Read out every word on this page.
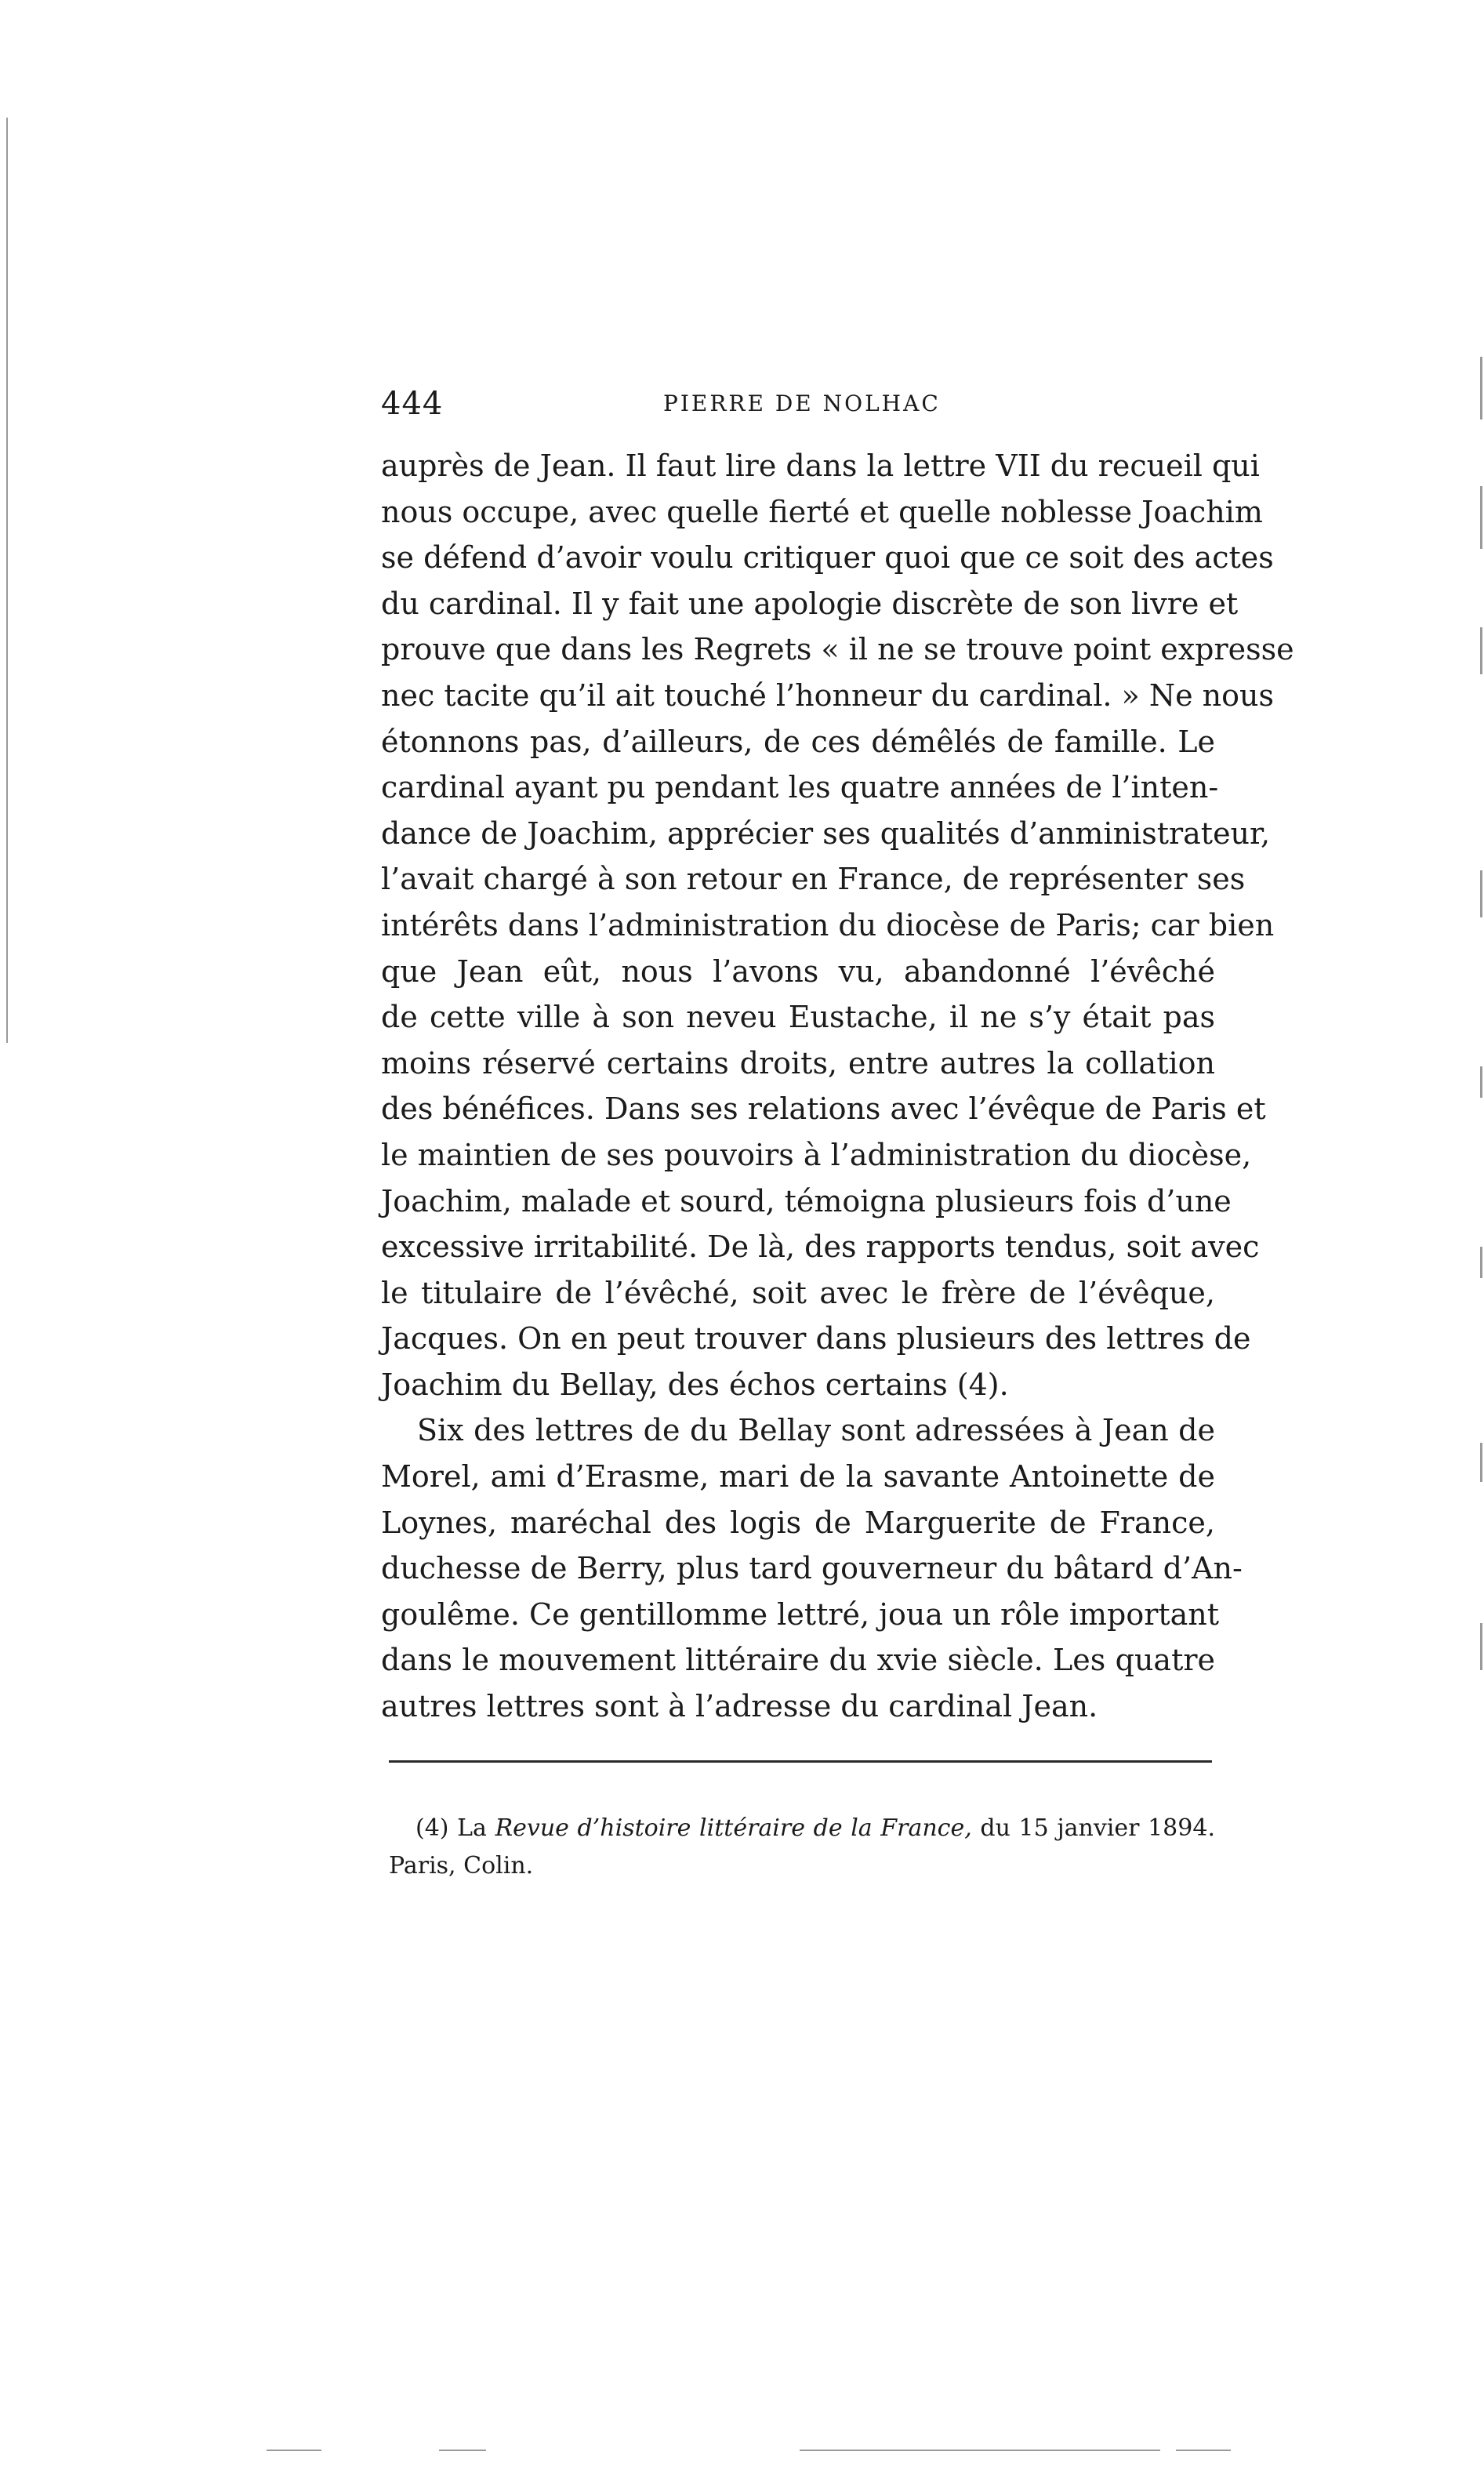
444	PIERRE DE NOLHAC
auprès de Jean. Il faut lire dans la lettre VII du recueil qui
nous occupe, avec quelle fierté et quelle noblesse Joachim
se défend d’avoir voulu critiquer quoi que ce soit des actes
du cardinal. Il y fait une apologie discrète de son livre et
prouve que dans les Regrets « il ne se trouve point expresse
nec tacite qu’il ait touché l’honneur du cardinal. » Ne nous
étonnons pas, d’ailleurs, de ces démêlés de famille. Le
cardinal ayant pu pendant les quatre années de l’inten-
dance de Joachim, apprécier ses qualités d’anministrateur,
l’avait chargé à son retour en France, de représenter ses
intérêts dans l’administration du diocèse de Paris; car bien
que Jean eût, nous l’avons vu, abandonné l’évêché
de cette ville à son neveu Eustache, il ne s’y était pas
moins réservé certains droits, entre autres la collation
des bénéfices. Dans ses relations avec l’évêque de Paris et
le maintien de ses pouvoirs à l’administration du diocèse,
Joachim, malade et sourd, témoigna plusieurs fois d’une
excessive irritabilité. De là, des rapports tendus, soit avec
le titulaire de l’évêché, soit avec le frère de l’évêque,
Jacques. On en peut trouver dans plusieurs des lettres de
Joachim du Bellay, des échos certains (4).
Six des lettres de du Bellay sont adressées à Jean de
Morel, ami d’Erasme, mari de la savante Antoinette de
Loynes, maréchal des logis de Marguerite de France,
duchesse de Berry, plus tard gouverneur du bâtard d’An-
goulême. Ce gentillomme lettré, joua un rôle important
dans le mouvement littéraire du xvie siècle. Les quatre
autres lettres sont à l’adresse du cardinal Jean.
(4) La Revue d’histoire littéraire de la France, du 15 janvier 1894.
Paris, Colin.
